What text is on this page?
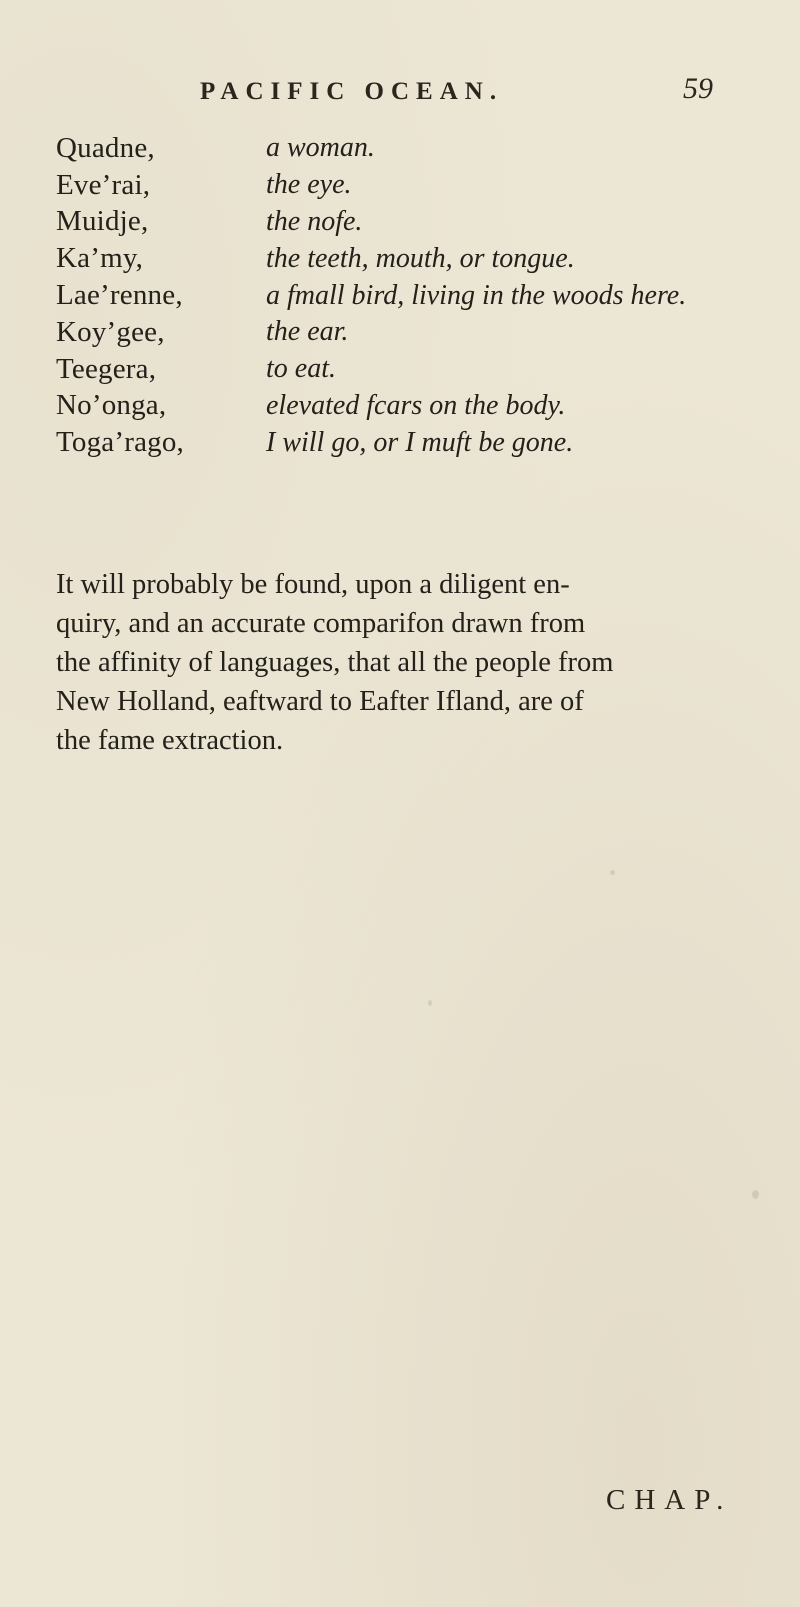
PACIFIC OCEAN.	59
Quadne,	a woman.
Eve’rai,	the eye.
Muidje,	the nofe.
Ka’my,	the teeth, mouth, or tongue.
Lae’renne,	a fmall bird, living in the woods here.
Koy’gee,	the ear.
Teegera,	to eat.
No’onga,	elevated fcars on the body.
Toga’rago,	I will go, or I muft be gone.
It will probably be found, upon a diligent en-
quiry, and an accurate comparifon drawn from
the affinity of languages, that all the people from
New Holland, eaftward to Eafter Ifland, are of
the fame extraction.
CHAP.
